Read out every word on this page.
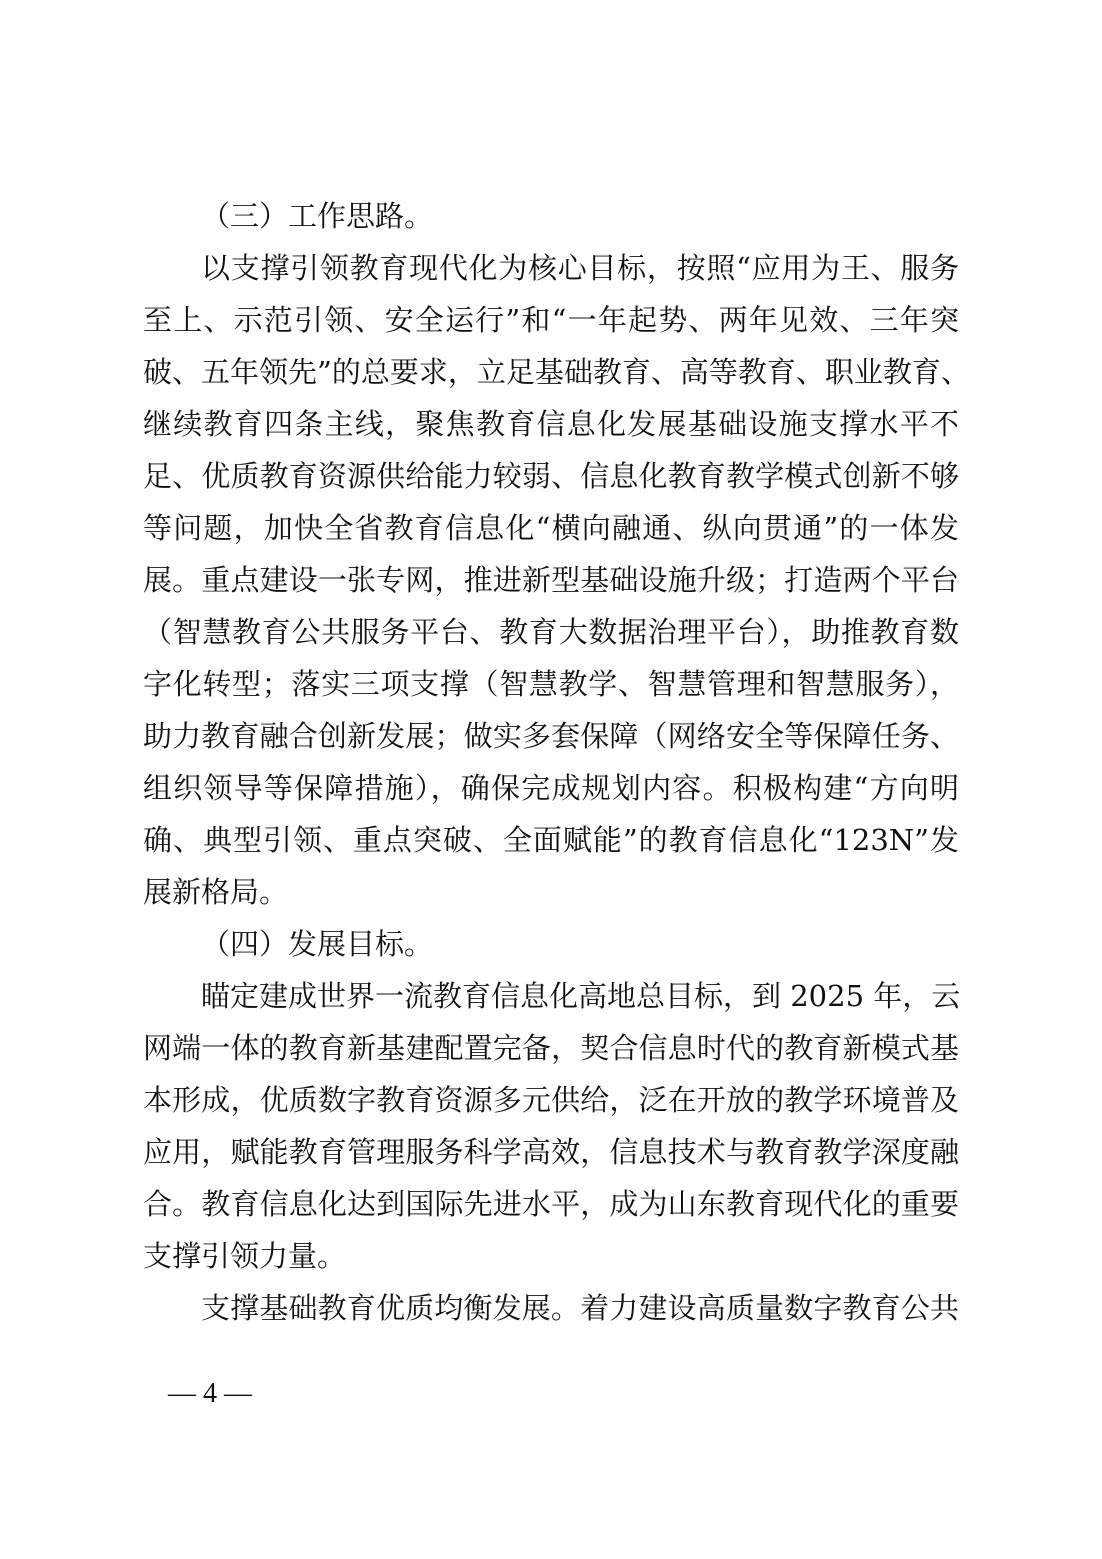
（三）工作思路。
以支撑引领教育现代化为核心目标，按照“应用为王、服务
至上、示范引领、安全运行”和“一年起势、两年见效、三年突
破、五年领先”的总要求，立足基础教育、高等教育、职业教育、
继续教育四条主线，聚焦教育信息化发展基础设施支撑水平不
足、优质教育资源供给能力较弱、信息化教育教学模式创新不够
等问题，加快全省教育信息化“横向融通、纵向贯通”的一体发
展。重点建设一张专网，推进新型基础设施升级；打造两个平台
（智慧教育公共服务平台、教育大数据治理平台），助推教育数
字化转型；落实三项支撑（智慧教学、智慧管理和智慧服务），
助力教育融合创新发展；做实多套保障（网络安全等保障任务、
组织领导等保障措施），确保完成规划内容。积极构建“方向明
确、典型引领、重点突破、全面赋能”的教育信息化“123N”发
展新格局。
（四）发展目标。
瞄定建成世界一流教育信息化高地总目标，到 2025 年，云
网端一体的教育新基建配置完备，契合信息时代的教育新模式基
本形成，优质数字教育资源多元供给，泛在开放的教学环境普及
应用，赋能教育管理服务科学高效，信息技术与教育教学深度融
合。教育信息化达到国际先进水平，成为山东教育现代化的重要
支撑引领力量。
支撑基础教育优质均衡发展。着力建设高质量数字教育公共
— 4 —
